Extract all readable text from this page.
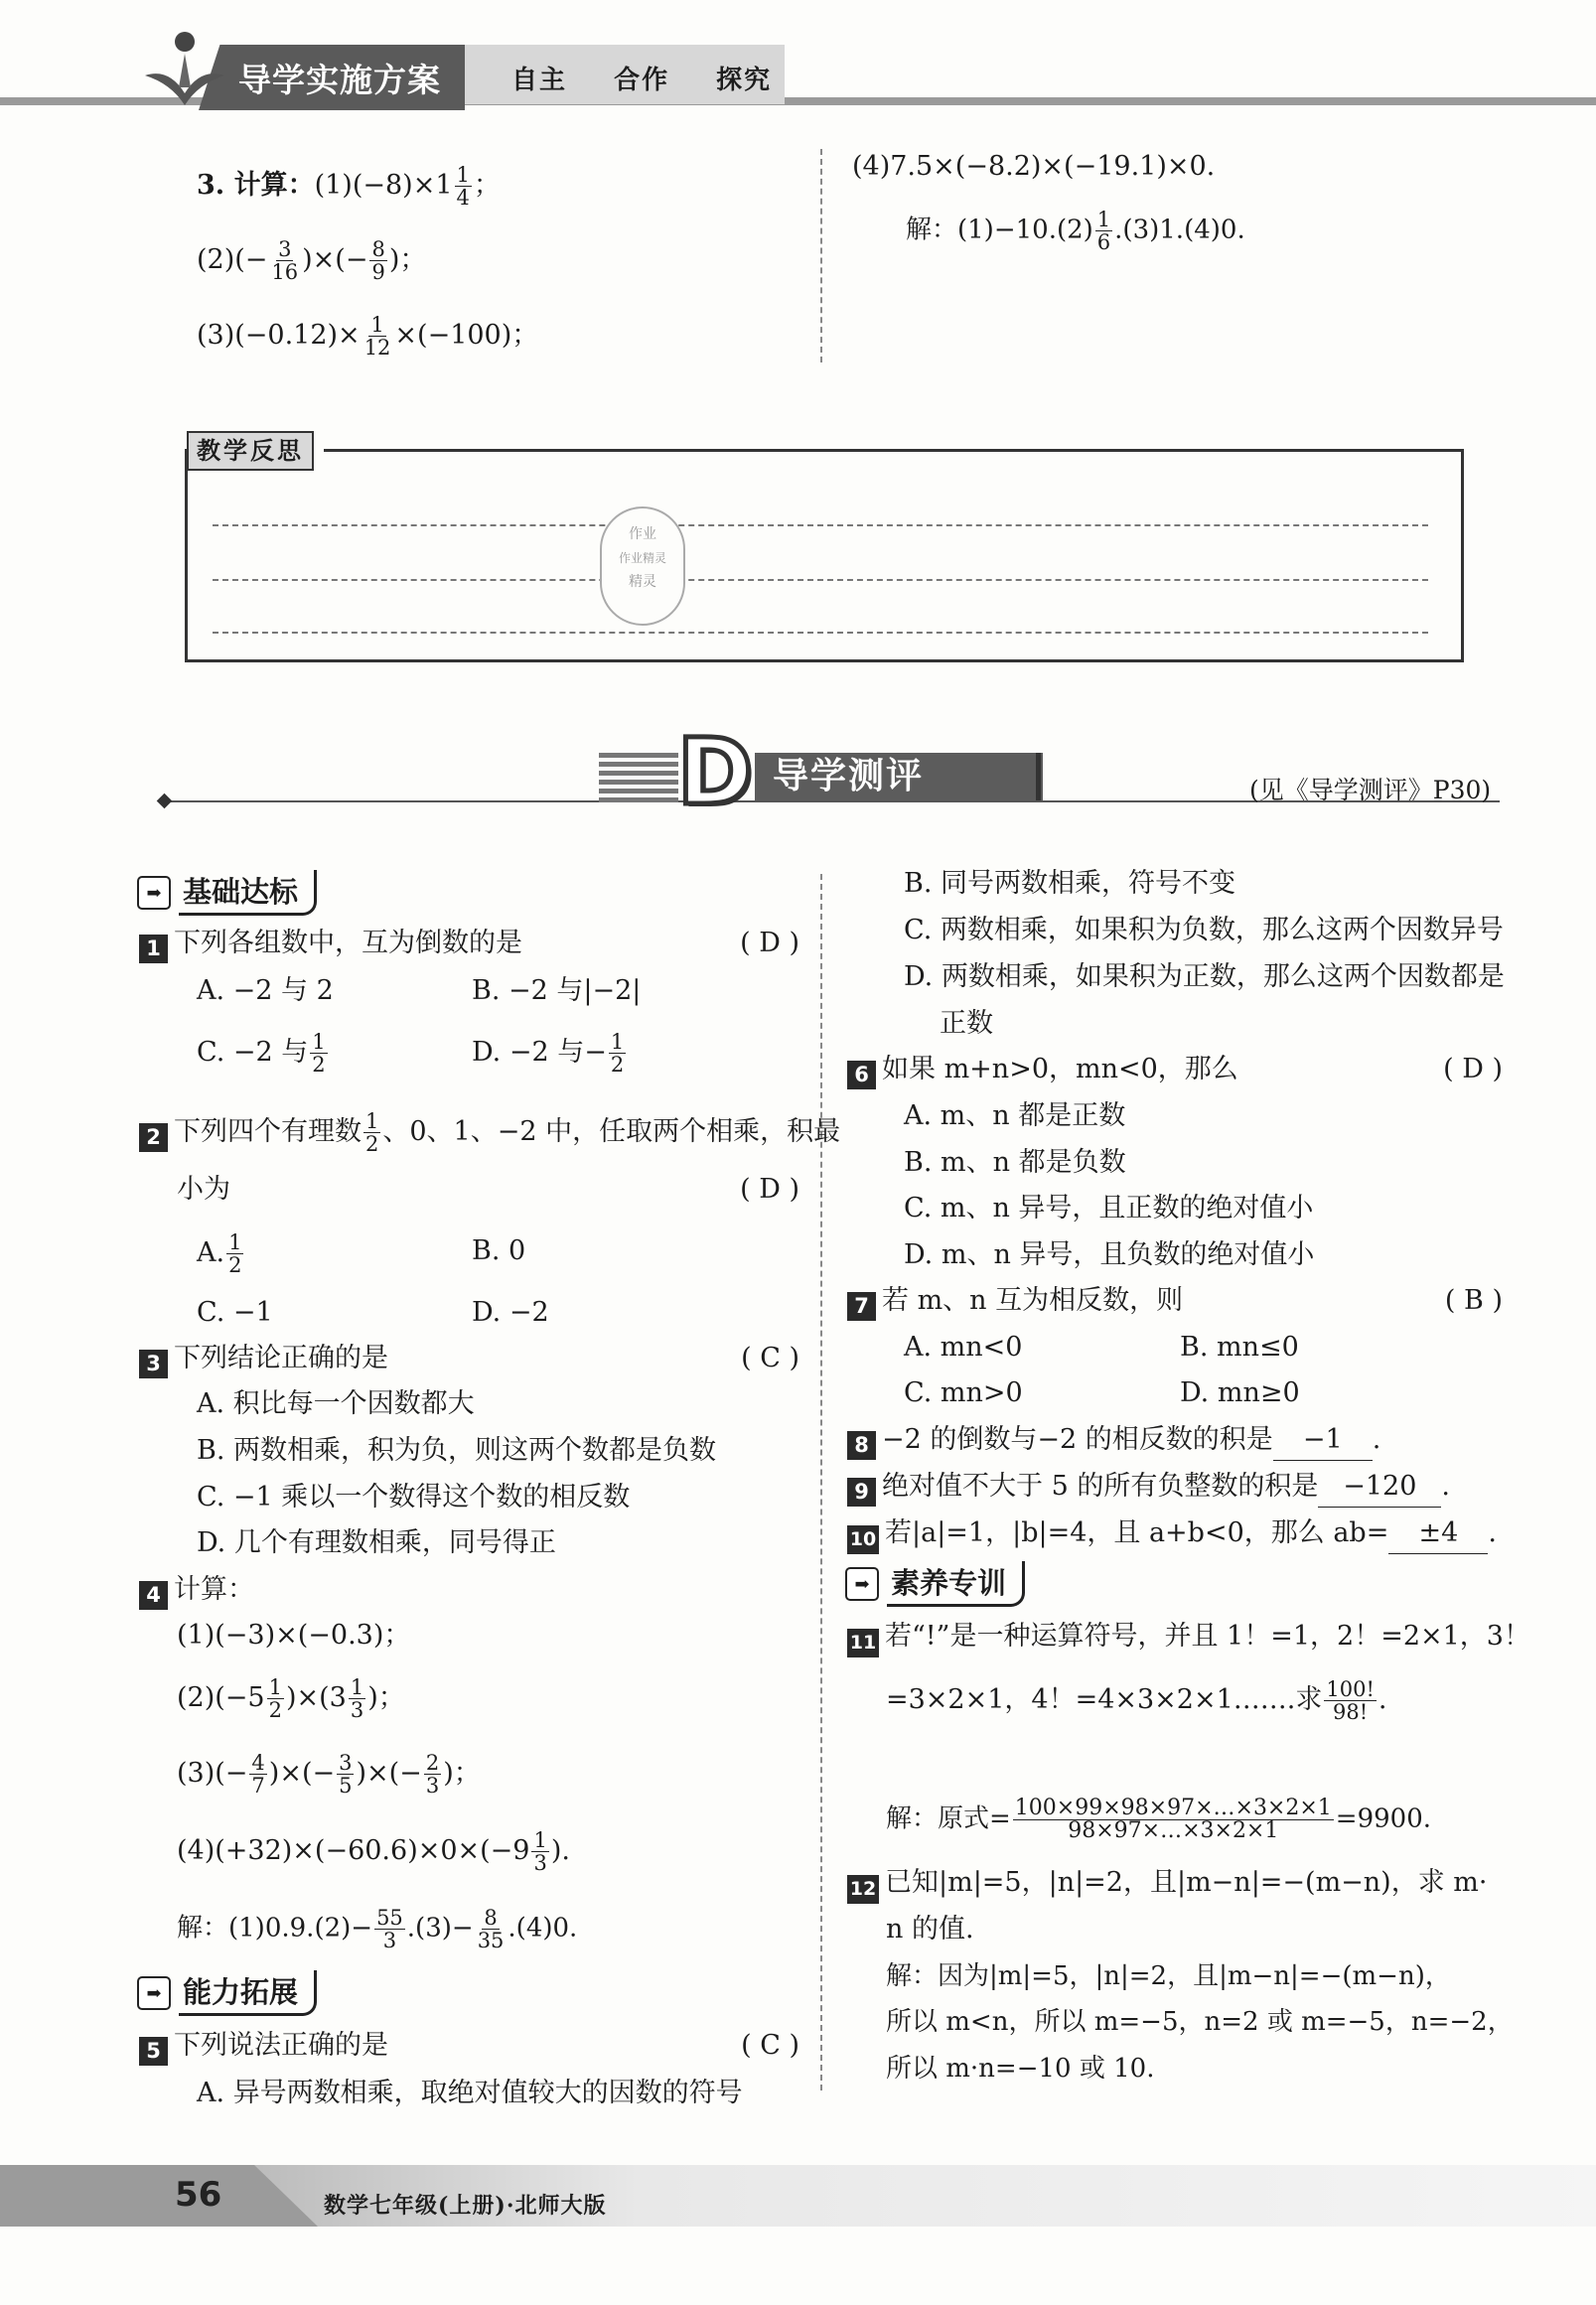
导学实施方案	自主 合作 探究
3. 计算：$(1)(-8)\times 1 \frac{1}{4}$ ；
$(2)(- \frac{3}{16}$ )×(− $\frac{8}{9}$ )；
$(3)(-0.12)\times \frac{1}{12} \times(-100)$；
(4)7.5×(−8.2)×(−19.1)×0.
解：$(1)-10.(2) \frac{1}{6} .(3)1.(4)0$.
教学反思
作业
作业精灵
精灵
D 导学测评	(见《导学测评》P30)
➡ 基础达标
1 下列各组数中，互为倒数的是	( D )
A. −2 与 2	B. −2 与|−2|
C. −2 与 $\frac{1}{2}$	D. −2 与− $\frac{1}{2}$
2 下列四个有理数 $\frac{1}{2}$ 、0、1、−2 中，任取两个相乘，积最
小为	( D )
A. $\frac{1}{2}$	B. 0
C. −1	D. −2
3 下列结论正确的是	( C )
A. 积比每一个因数都大
B. 两数相乘，积为负，则这两个数都是负数
C. −1 乘以一个数得这个数的相反数
D. 几个有理数相乘，同号得正
4 计算：
(1)(−3)×(−0.3)；
$(2)(-5 \frac{1}{2} )\times(3 \frac{1}{3}$ )；
$(3)(- \frac{4}{7}$ )×(− $\frac{3}{5}$ )×(− $\frac{2}{3}$ )；
$(4)(+32)\times(-60.6)\times 0\times(-9 \frac{1}{3}$ ).
解：$(1)0.9.(2)- \frac{55}{3} .(3)- \frac{8}{35} .(4)0$.
➡ 能力拓展
5 下列说法正确的是	( C )
A. 异号两数相乘，取绝对值较大的因数的符号
B. 同号两数相乘，符号不变
C. 两数相乘，如果积为负数，那么这两个因数异号
D. 两数相乘，如果积为正数，那么这两个因数都是
正数
6 如果 m+n>0，mn<0，那么	( D )
A. m、n 都是正数
B. m、n 都是负数
C. m、n 异号，且正数的绝对值小
D. m、n 异号，且负数的绝对值小
7 若 m、n 互为相反数，则	( B )
A. mn<0	B. mn≤0
C. mn>0	D. mn≥0
8 −2 的倒数与−2 的相反数的积是 −1 .
9 绝对值不大于 5 的所有负整数的积是 −120 .
10 若|a|=1，|b|=4，且 a+b<0，那么 ab= ±4 .
➡ 素养专训
11 若“!”是一种运算符号，并且 1！=1，2！=2×1，3！
=3×2×1，4！=4×3×2×1…….求 $\frac{100!}{98!}$ .
解：原式= $\frac{100\times 99\times 98\times 97\times\dots\times 3\times 2\times 1}{98\times 97\times\dots\times 3\times 2\times 1} =9900$.
12 已知|m|=5，|n|=2，且|m−n|=−(m−n)，求 m·
n 的值.
解：因为|m|=5，|n|=2，且|m−n|=−(m−n)，
所以 m<n，所以 m=−5，n=2 或 m=−5，n=−2，
所以 m·n=−10 或 10.
56	数学七年级(上册)·北师大版
